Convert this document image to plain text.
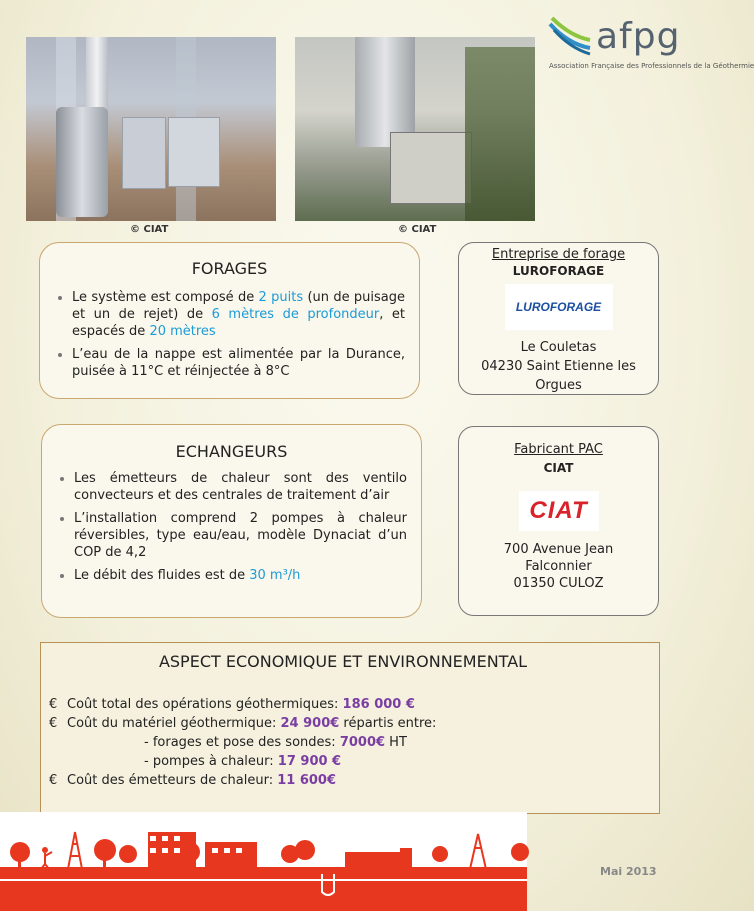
© CIAT	© CIAT
afpg
Association Française des Professionnels de la Géothermie
FORAGES
• Le système est composé de 2 puits (un de puisage et un de rejet) de 6 mètres de profondeur, et espacés de 20 mètres
• L’eau de la nappe est alimentée par la Durance, puisée à 11°C et réinjectée à 8°C
ECHANGEURS
• Les émetteurs de chaleur sont des ventilo convecteurs et des centrales de traitement d’air
• L’installation comprend 2 pompes à chaleur réversibles, type eau/eau, modèle Dynaciat d’un COP de 4,2
• Le débit des fluides est de 30 m³/h
Entreprise de forage
LUROFORAGE
LUROFORAGE
Le Couletas
04230 Saint Etienne les
Orgues
Fabricant PAC
CIAT
CIAT
700 Avenue Jean
Falconnier
01350 CULOZ
ASPECT ECONOMIQUE ET ENVIRONNEMENTAL
€ Coût total des opérations géothermiques: 186 000 €
€ Coût du matériel géothermique: 24 900€ répartis entre:
- forages et pose des sondes: 7000€ HT
- pompes à chaleur: 17 900 €
€ Coût des émetteurs de chaleur: 11 600€
Mai 2013
